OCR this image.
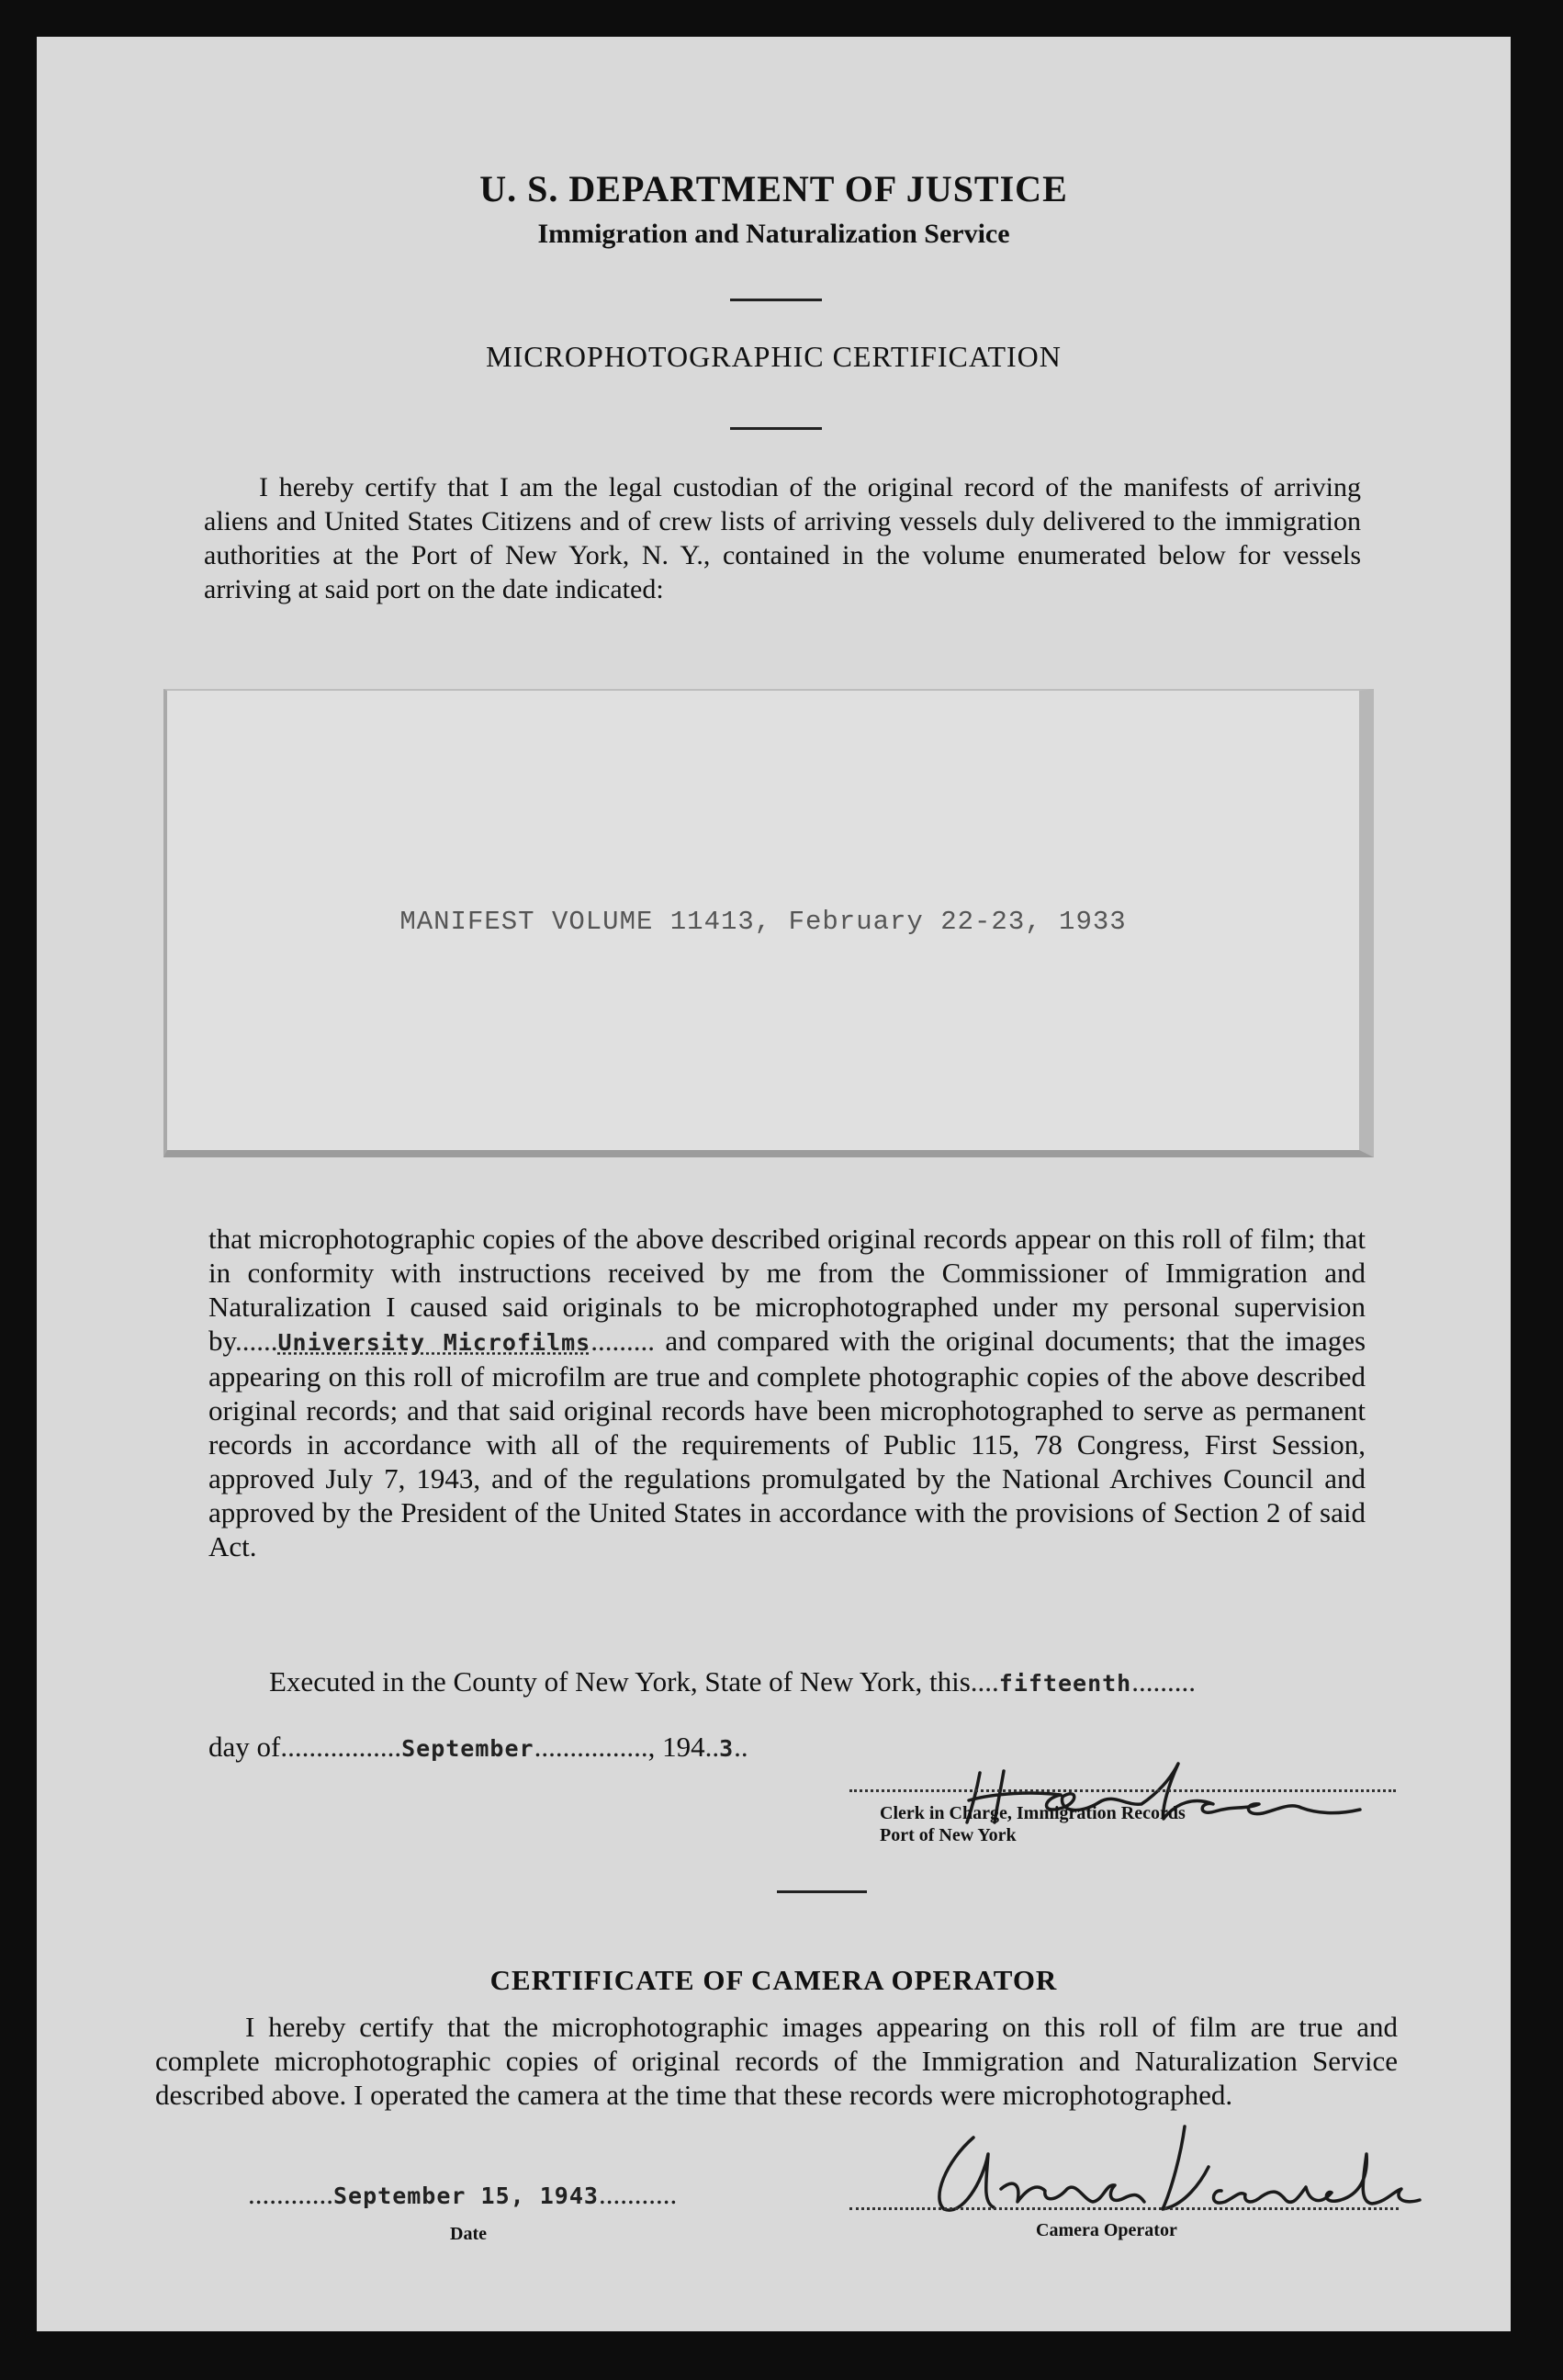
U. S. DEPARTMENT OF JUSTICE
Immigration and Naturalization Service
MICROPHOTOGRAPHIC CERTIFICATION

I hereby certify that I am the legal custodian of the original record of the manifests of arriving aliens and United States Citizens and of crew lists of arriving vessels duly delivered to the immigration authorities at the Port of New York, N. Y., contained in the volume enumerated below for vessels arriving at said port on the date indicated:

MANIFEST VOLUME 11413, February 22-23, 1933

that microphotographic copies of the above described original records appear on this roll of film; that in conformity with instructions received by me from the Commissioner of Immigration and Naturalization I caused said originals to be microphotographed under my personal supervision by......University Microfilms......... and compared with the original documents; that the images appearing on this roll of microfilm are true and complete photographic copies of the above described original records; and that said original records have been microphotographed to serve as permanent records in accordance with all of the requirements of Public 115, 78 Congress, First Session, approved July 7, 1943, and of the regulations promulgated by the National Archives Council and approved by the President of the United States in accordance with the provisions of Section 2 of said Act.

Executed in the County of New York, State of New York, this....fifteenth.........
day of.................September................, 194..3..
Clerk in Charge, Immigration Records
Port of New York
CERTIFICATE OF CAMERA OPERATOR

I hereby certify that the microphotographic images appearing on this roll of film are true and complete microphotographic copies of original records of the Immigration and Naturalization Service described above. I operated the camera at the time that these records were microphotographed.

............September 15, 1943...........
Date	Camera Operator
